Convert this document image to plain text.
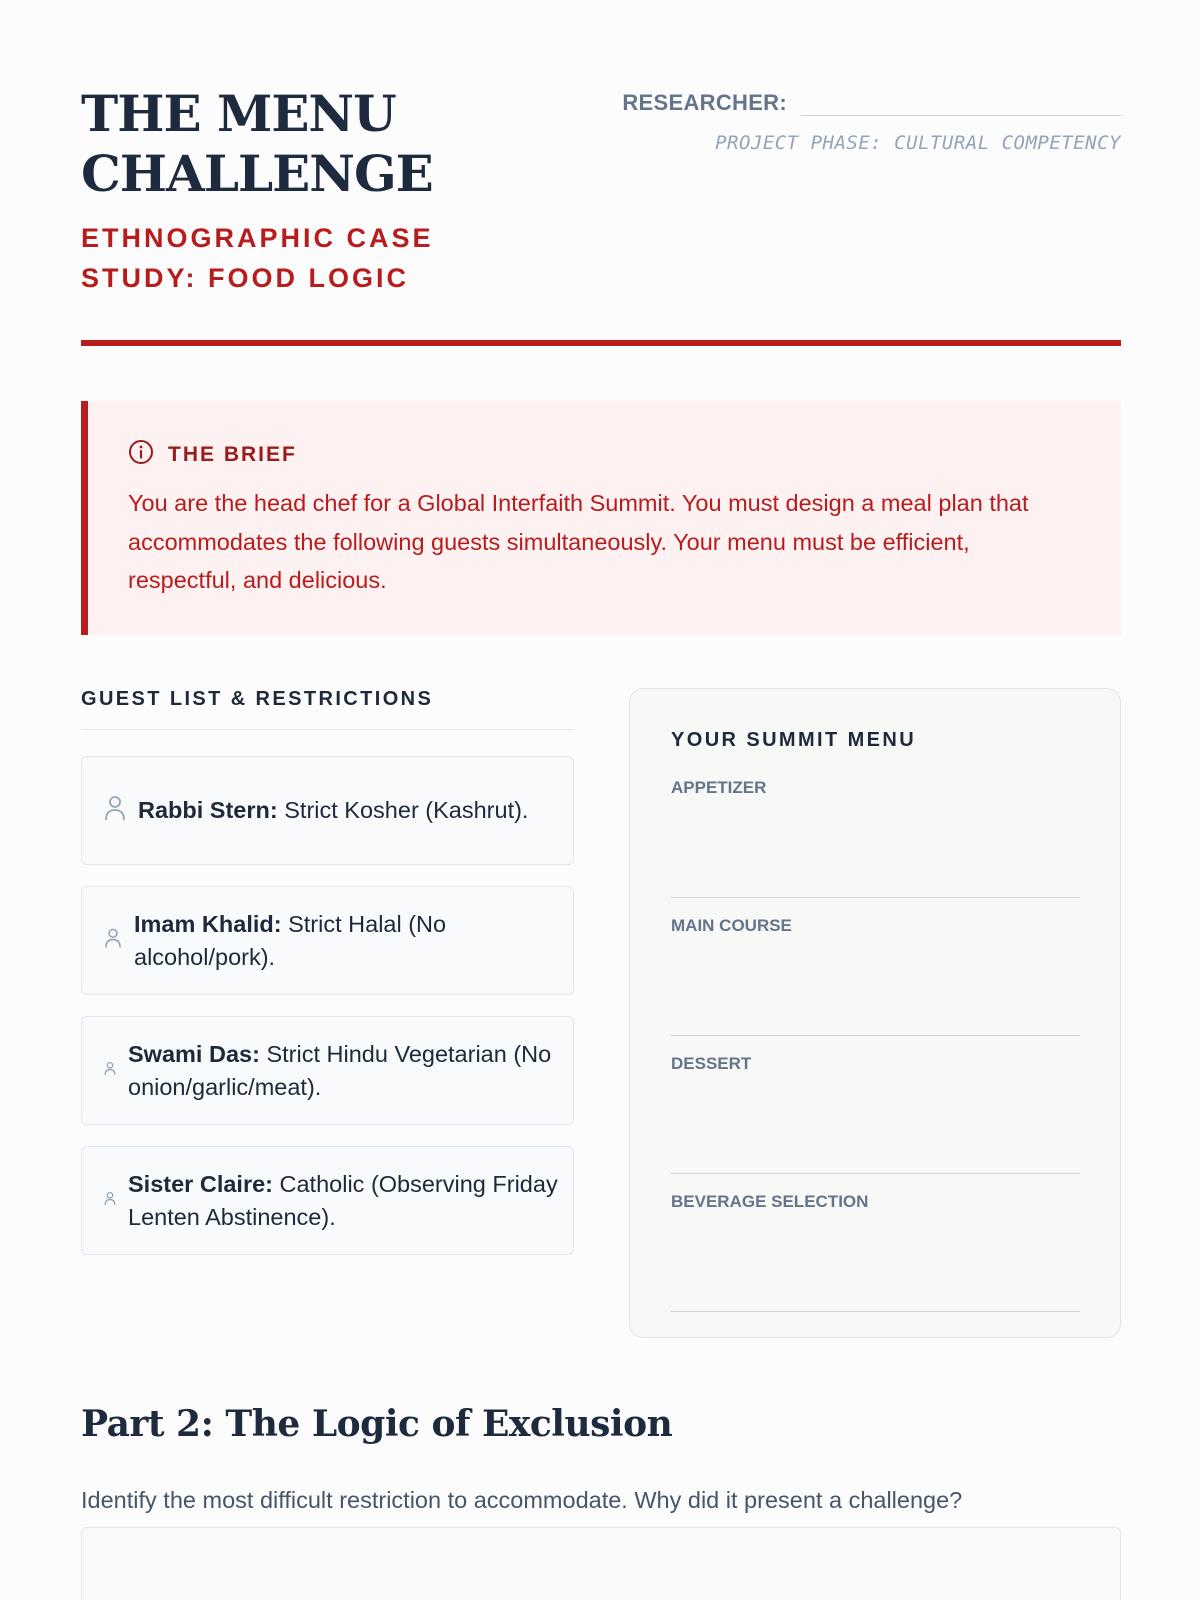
THE MENU CHALLENGE
ETHNOGRAPHIC CASE STUDY: FOOD LOGIC
RESEARCHER:
PROJECT PHASE: CULTURAL COMPETENCY
THE BRIEF

You are the head chef for a Global Interfaith Summit. You must design a meal plan that accommodates the following guests simultaneously. Your menu must be efficient, respectful, and delicious.

GUEST LIST & RESTRICTIONS
Rabbi Stern: Strict Kosher (Kashrut).
Imam Khalid: Strict Halal (No alcohol/pork).
Swami Das: Strict Hindu Vegetarian (No onion/garlic/meat).
Sister Claire: Catholic (Observing Friday Lenten Abstinence).
YOUR SUMMIT MENU
APPETIZER
MAIN COURSE
DESSERT
BEVERAGE SELECTION
Part 2: The Logic of Exclusion

Identify the most difficult restriction to accommodate. Why did it present a challenge?
